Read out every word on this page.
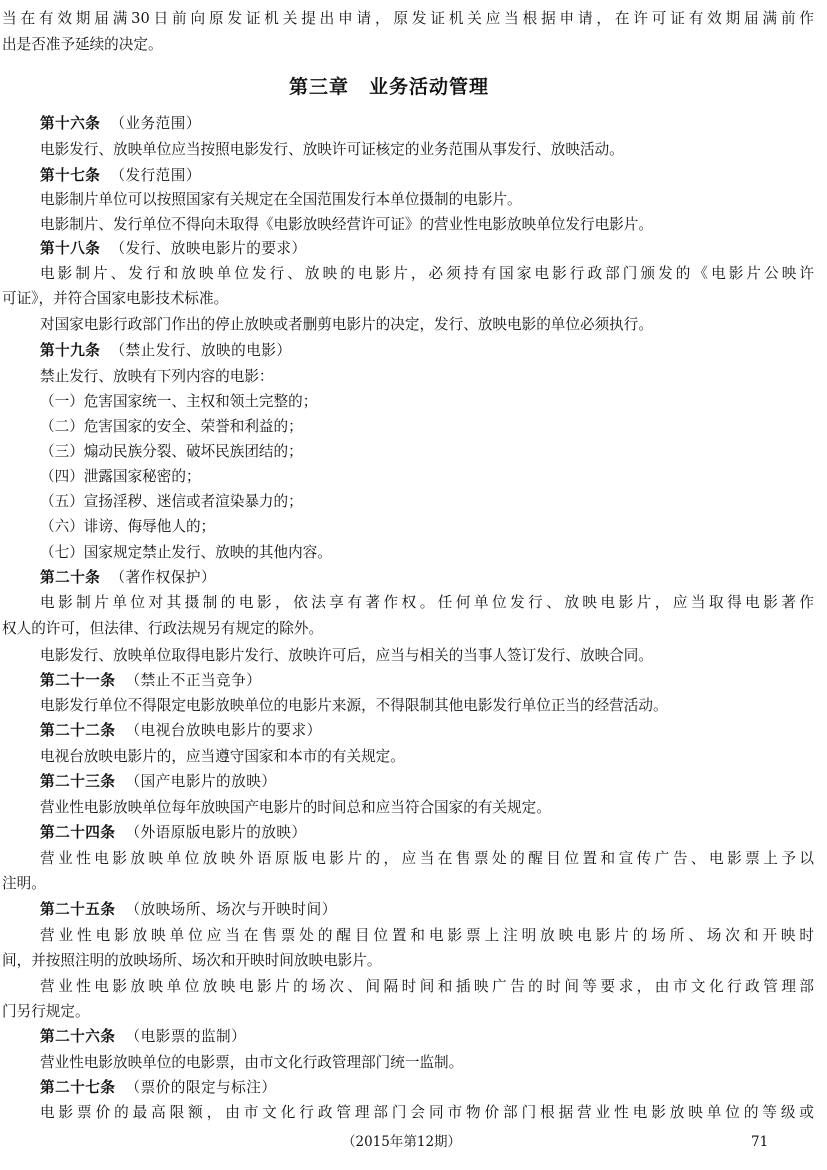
当在有效期届满30日前向原发证机关提出申请，原发证机关应当根据申请，在许可证有效期届满前作
出是否准予延续的决定。
第三章　业务活动管理
第十六条 （业务范围）
电影发行、放映单位应当按照电影发行、放映许可证核定的业务范围从事发行、放映活动。
第十七条 （发行范围）
电影制片单位可以按照国家有关规定在全国范围发行本单位摄制的电影片。
电影制片、发行单位不得向未取得《电影放映经营许可证》的营业性电影放映单位发行电影片。
第十八条 （发行、放映电影片的要求）
电影制片、发行和放映单位发行、放映的电影片，必须持有国家电影行政部门颁发的《电影片公映许
可证》，并符合国家电影技术标准。
对国家电影行政部门作出的停止放映或者删剪电影片的决定，发行、放映电影的单位必须执行。
第十九条 （禁止发行、放映的电影）
禁止发行、放映有下列内容的电影：
（一）危害国家统一、主权和领土完整的；
（二）危害国家的安全、荣誉和利益的；
（三）煽动民族分裂、破坏民族团结的；
（四）泄露国家秘密的；
（五）宣扬淫秽、迷信或者渲染暴力的；
（六）诽谤、侮辱他人的；
（七）国家规定禁止发行、放映的其他内容。
第二十条 （著作权保护）
电影制片单位对其摄制的电影，依法享有著作权。任何单位发行、放映电影片，应当取得电影著作
权人的许可，但法律、行政法规另有规定的除外。
电影发行、放映单位取得电影片发行、放映许可后，应当与相关的当事人签订发行、放映合同。
第二十一条 （禁止不正当竞争）
电影发行单位不得限定电影放映单位的电影片来源，不得限制其他电影发行单位正当的经营活动。
第二十二条 （电视台放映电影片的要求）
电视台放映电影片的，应当遵守国家和本市的有关规定。
第二十三条 （国产电影片的放映）
营业性电影放映单位每年放映国产电影片的时间总和应当符合国家的有关规定。
第二十四条 （外语原版电影片的放映）
营业性电影放映单位放映外语原版电影片的，应当在售票处的醒目位置和宣传广告、电影票上予以
注明。
第二十五条 （放映场所、场次与开映时间）
营业性电影放映单位应当在售票处的醒目位置和电影票上注明放映电影片的场所、场次和开映时
间，并按照注明的放映场所、场次和开映时间放映电影片。
营业性电影放映单位放映电影片的场次、间隔时间和插映广告的时间等要求，由市文化行政管理部
门另行规定。
第二十六条 （电影票的监制）
营业性电影放映单位的电影票，由市文化行政管理部门统一监制。
第二十七条 （票价的限定与标注）
电影票价的最高限额，由市文化行政管理部门会同市物价部门根据营业性电影放映单位的等级或
（2015年第12期）	71
